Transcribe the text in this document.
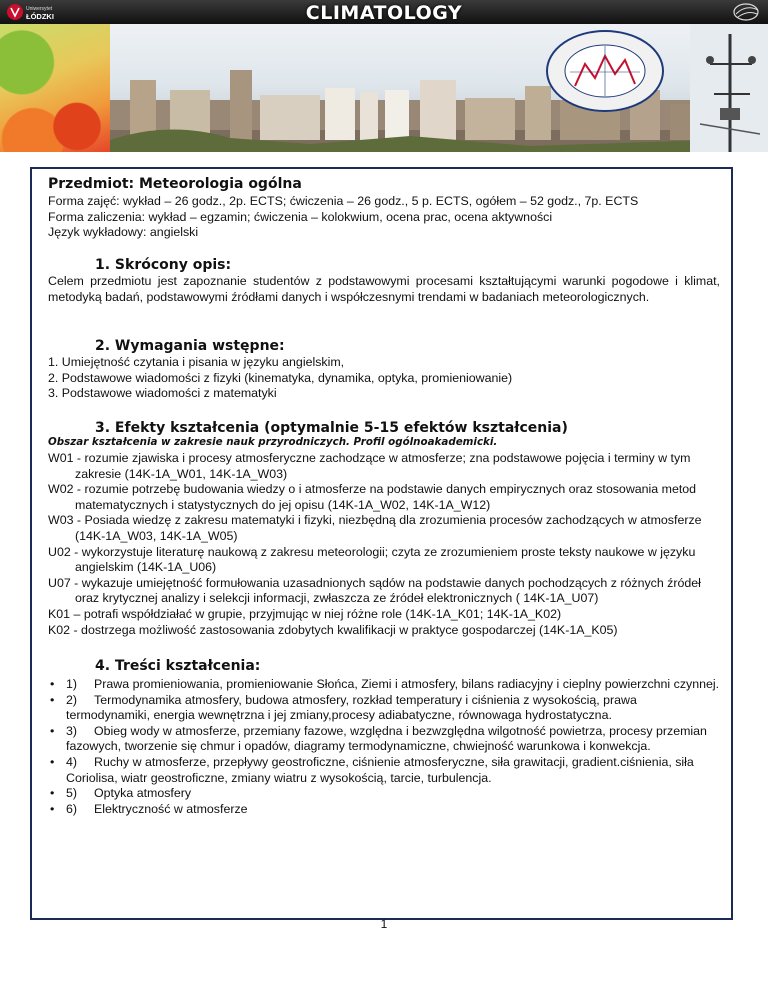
Uniwersytet
ŁÓDZKI	CLIMATOLOGY
Przedmiot: Meteorologia ogólna
Forma zajęć: wykład – 26 godz., 2p. ECTS; ćwiczenia – 26 godz., 5 p. ECTS, ogółem – 52 godz., 7p. ECTS
Forma zaliczenia: wykład – egzamin; ćwiczenia – kolokwium, ocena prac, ocena aktywności
Język wykładowy: angielski
1. Skrócony opis:
Celem przedmiotu jest zapoznanie studentów z podstawowymi procesami kształtującymi warunki pogodowe i klimat, metodyką badań, podstawowymi źródłami danych i współczesnymi trendami w badaniach meteorologicznych.
2. Wymagania wstępne:
1. Umiejętność czytania i pisania w języku angielskim,
2. Podstawowe wiadomości z fizyki (kinematyka, dynamika, optyka, promieniowanie)
3. Podstawowe wiadomości z matematyki
3. Efekty kształcenia (optymalnie 5-15 efektów kształcenia)
Obszar kształcenia w zakresie nauk przyrodniczych. Profil ogólnoakademicki.

W01 - rozumie zjawiska i procesy atmosferyczne zachodzące w atmosferze; zna podstawowe pojęcia i terminy w tym zakresie (14K-1A_W01, 14K-1A_W03)

W02 - rozumie potrzebę budowania wiedzy o i atmosferze na podstawie danych empirycznych oraz stosowania metod matematycznych i statystycznych do jej opisu (14K-1A_W02, 14K-1A_W12)

W03 - Posiada wiedzę z zakresu matematyki i fizyki, niezbędną dla zrozumienia procesów zachodzących w atmosferze (14K-1A_W03, 14K-1A_W05)

U02 - wykorzystuje literaturę naukową z zakresu meteorologii; czyta ze zrozumieniem proste teksty naukowe w języku angielskim (14K-1A_U06)

U07 - wykazuje umiejętność formułowania uzasadnionych sądów na podstawie danych pochodzących z różnych źródeł oraz krytycznej analizy i selekcji informacji, zwłaszcza ze źródeł elektronicznych ( 14K-1A_U07)

K01 – potrafi współdziałać w grupie, przyjmując w niej różne role (14K-1A_K01; 14K-1A_K02)

K02 - dostrzega możliwość zastosowania zdobytych kwalifikacji w praktyce gospodarczej (14K-1A_K05)

4. Treści kształcenia:
• 1) Prawa promieniowania, promieniowanie Słońca, Ziemi i atmosfery, bilans radiacyjny i cieplny powierzchni czynnej.
• 2) Termodynamika atmosfery, budowa atmosfery, rozkład temperatury i ciśnienia z wysokością, prawa termodynamiki, energia wewnętrzna i jej zmiany,procesy adiabatyczne, równowaga hydrostatyczna.
• 3) Obieg wody w atmosferze, przemiany fazowe, względna i bezwzględna wilgotność powietrza, procesy przemian fazowych, tworzenie się chmur i opadów, diagramy termodynamiczne, chwiejność warunkowa i konwekcja.
• 4) Ruchy w atmosferze, przepływy geostroficzne, ciśnienie atmosferyczne, siła grawitacji, gradient.ciśnienia, siła Coriolisa, wiatr geostroficzne, zmiany wiatru z wysokością, tarcie, turbulencja.
• 5) Optyka atmosfery
• 6) Elektryczność w atmosferze
1
